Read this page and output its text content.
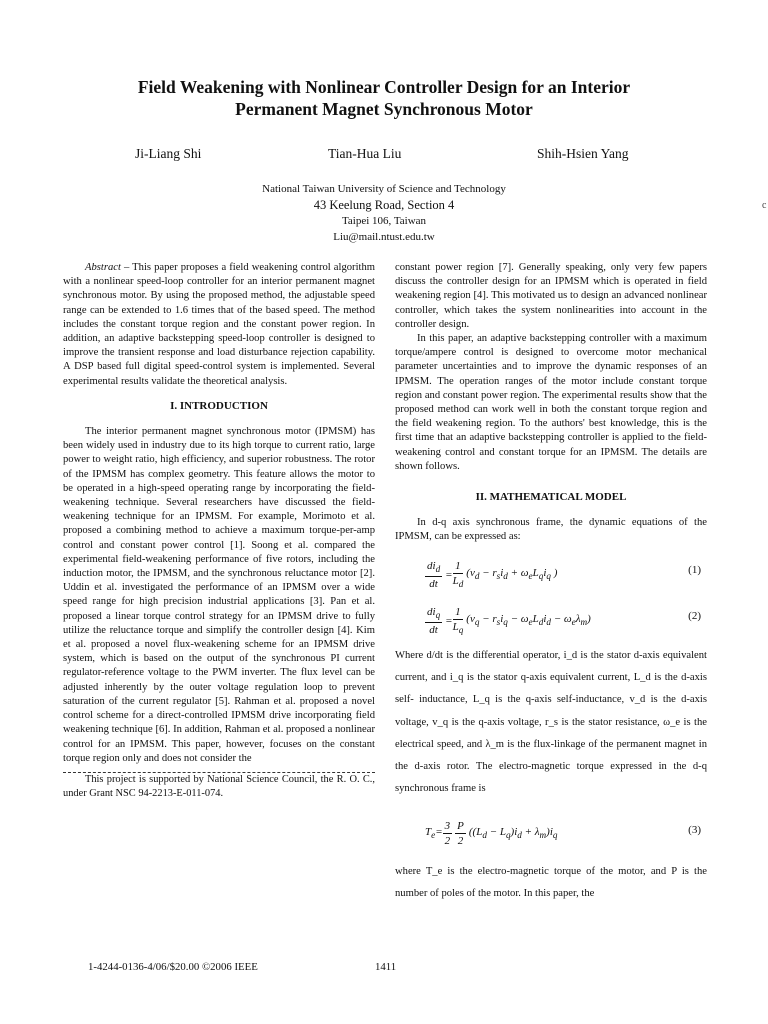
Field Weakening with Nonlinear Controller Design for an Interior
Permanent Magnet Synchronous Motor
Ji-Liang Shi	Tian-Hua Liu	Shih-Hsien Yang
National Taiwan University of Science and Technology
43 Keelung Road, Section 4
Taipei 106, Taiwan
Liu@mail.ntust.edu.tw
c

Abstract – This paper proposes a field weakening control algorithm with a nonlinear speed-loop controller for an interior permanent magnet synchronous motor. By using the proposed method, the adjustable speed range can be extended to 1.6 times that of the based speed. The method includes the constant torque region and the constant power region. In addition, an adaptive backstepping speed-loop controller is designed to improve the transient response and load disturbance rejection capability. A DSP based full digital speed-control system is implemented. Several experimental results validate the theoretical analysis.

I. INTRODUCTION

The interior permanent magnet synchronous motor (IPMSM) has been widely used in industry due to its high torque to current ratio, large power to weight ratio, high efficiency, and superior robustness. The rotor of the IPMSM has complex geometry. This feature allows the motor to be operated in a high-speed operating range by incorporating the field-weakening technique. Several researchers have discussed the field-weakening technique for an IPMSM. For example, Morimoto et al. proposed a combining method to achieve a maximum torque-per-amp control and constant power control [1]. Soong et al. compared the experimental field-weakening performance of five rotors, including the induction motor, the IPMSM, and the synchronous reluctance motor [2]. Uddin et al. investigated the performance of an IPMSM over a wide speed range for high precision industrial applications [3]. Pan et al. proposed a linear torque control strategy for an IPMSM drive to fully utilize the reluctance torque and simplify the controller design [4]. Kim et al. proposed a novel flux-weakening scheme for an IPMSM drive system, which is based on the output of the synchronous PI current regulator-reference voltage to the PWM inverter. The flux level can be adjusted inherently by the outer voltage regulation loop to prevent saturation of the current regulator [5]. Rahman et al. proposed a novel control scheme for a direct-controlled IPMSM drive incorporating field weakening technique [6]. In addition, Rahman et al. proposed a nonlinear control for an IPMSM. This paper, however, focuses on the constant torque region only and does not consider the

This project is supported by National Science Council, the R. O. C., under Grant NSC 94-2213-E-011-074.

constant power region [7]. Generally speaking, only very few papers discuss the controller design for an IPMSM which is operated in field weakening region [4]. This motivated us to design an advanced nonlinear controller, which takes the system nonlinearities into account in the controller design.

In this paper, an adaptive backstepping controller with a maximum torque/ampere control is designed to overcome motor mechanical parameter uncertainties and to improve the dynamic responses of an IPMSM. The operation ranges of the motor include constant torque region and constant power region. The experimental results show that the proposed method can work well in both the constant torque region and the field weakening region. To the authors' best knowledge, this is the first time that an adaptive backstepping controller is applied to the field-weakening control and constant torque for an IPMSM. The details are shown follows.

II. MATHEMATICAL MODEL

In d-q axis synchronous frame, the dynamic equations of the IPMSM, can be expressed as:

$\frac{di_d}{dt} = \frac{1}{L_d} (v_d - r_si_d + \omega_eL_qi_q$ )	(1)
$\frac{di_q}{dt} = \frac{1}{L_q} (v_q - r_si_q - \omega_eL_di_d - \omega_e\lambda_m)$	(2)

Where d/dt is the differential operator, i_d is the stator d-axis equivalent current, and i_q is the stator q-axis equivalent current, L_d is the d-axis self- inductance, L_q is the q-axis self-inductance, v_d is the d-axis voltage, v_q is the q-axis voltage, r_s is the stator resistance, ω_e is the electrical speed, and λ_m is the flux-linkage of the permanent magnet in the d-axis rotor. The electro-magnetic torque expressed in the d-q synchronous frame is

$T_e= \frac{3}{2} \frac{P}{2} ((L_d - L_q)i_d + \lambda_m)i_q$	(3)

where T_e is the electro-magnetic torque of the motor, and P is the number of poles of the motor. In this paper, the

1-4244-0136-4/06/$20.00 ©2006 IEEE	1411
